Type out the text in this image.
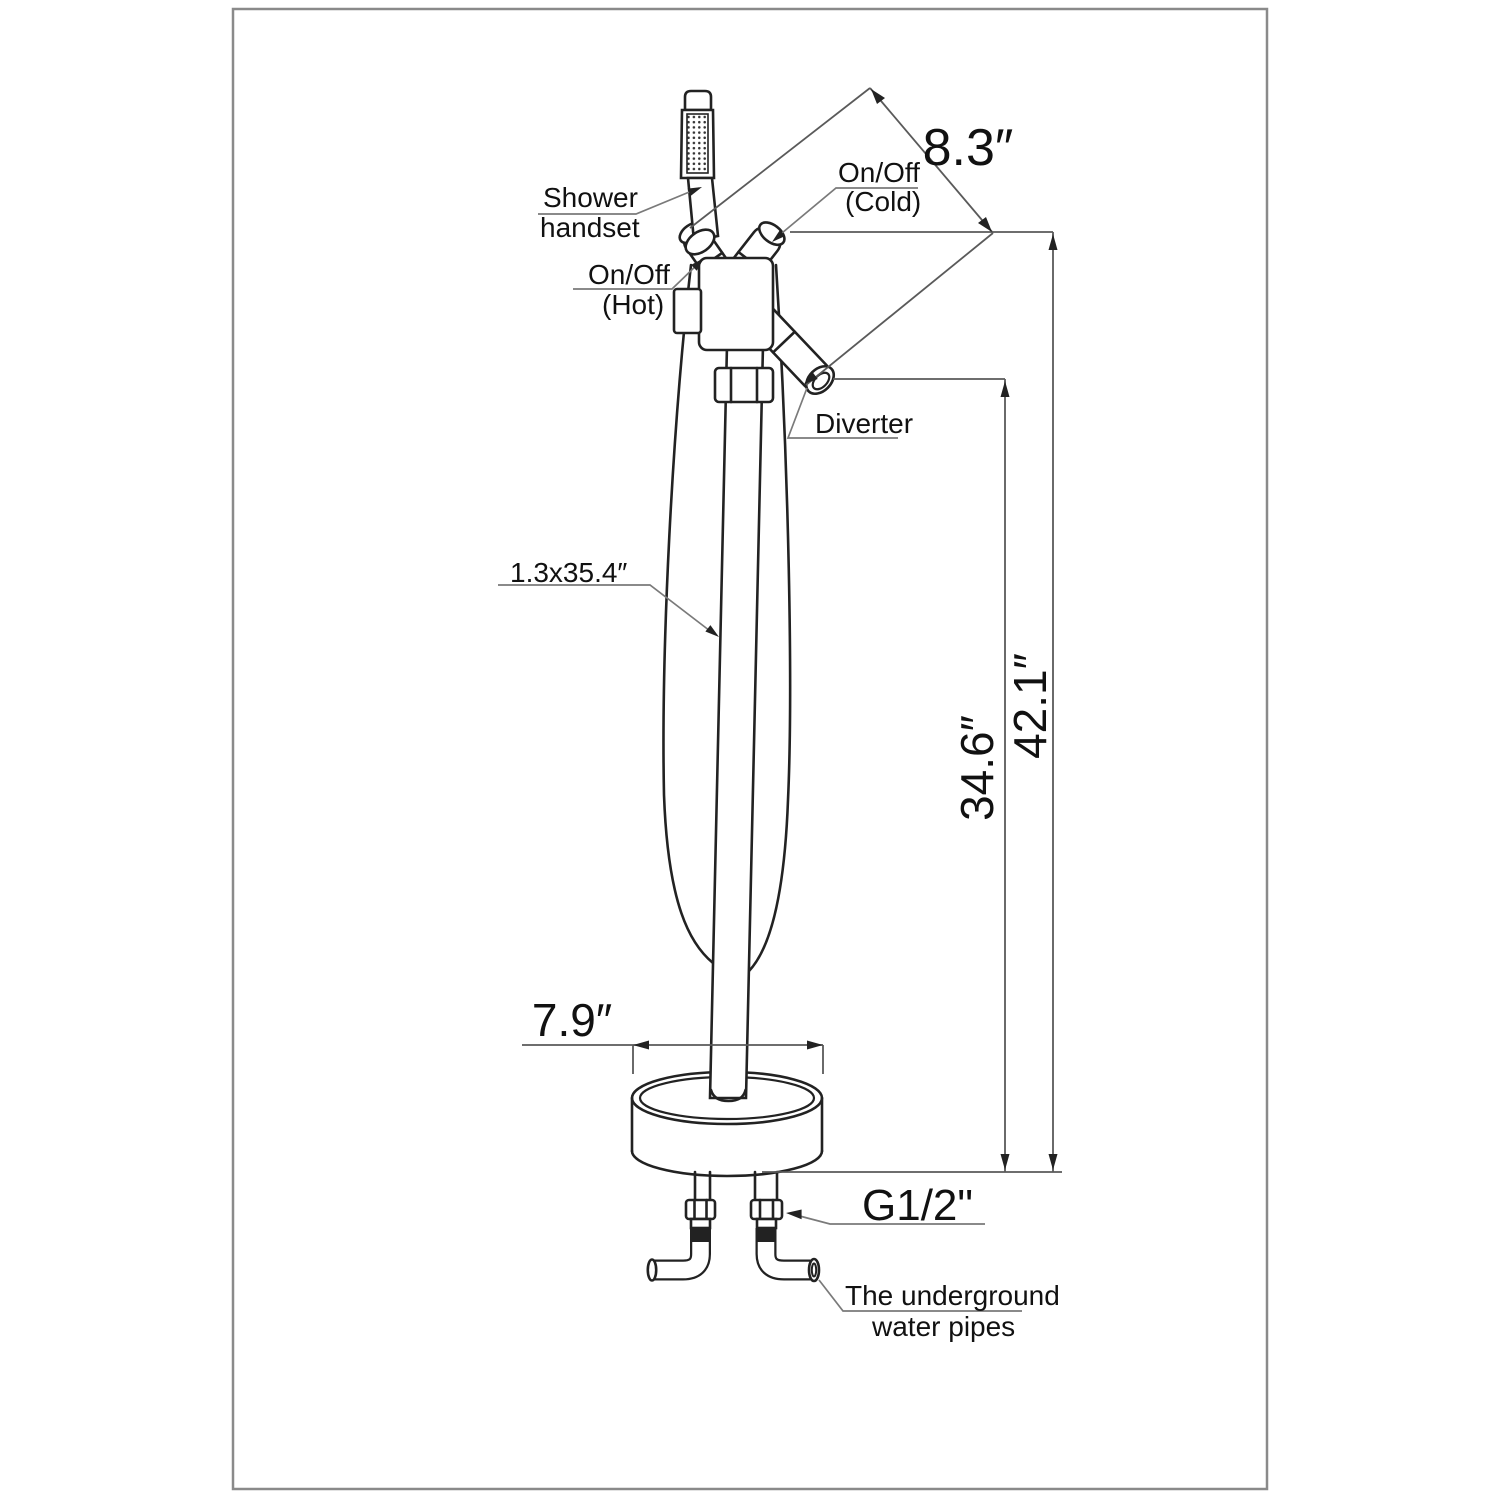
7.9″
42.1″
34.6″
8.3″
Shower
handset
On/Off
(Hot)
On/Off
(Cold)
Diverter
1.3x35.4″
G1/2"
The underground
water pipes
